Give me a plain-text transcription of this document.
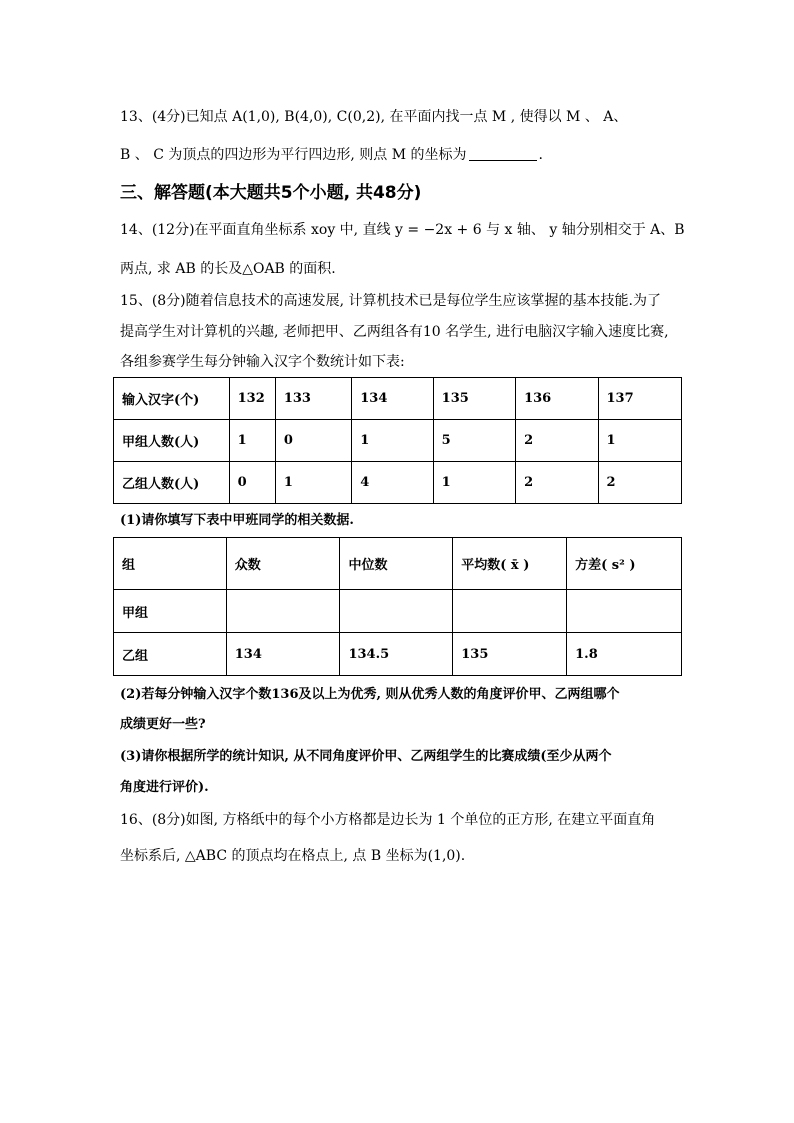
13、(4分)已知点 A(1,0), B(4,0), C(0,2), 在平面内找一点 M , 使得以 M 、 A、
B 、 C 为顶点的四边形为平行四边形, 则点 M 的坐标为	.
三、解答题(本大题共5个小题, 共48分)
14、(12分)在平面直角坐标系 xoy 中, 直线 y = −2x + 6 与 x 轴、 y 轴分别相交于 A、B
两点, 求 AB 的长及△OAB 的面积.
15、(8分)随着信息技术的高速发展, 计算机技术已是每位学生应该掌握的基本技能.为了
提高学生对计算机的兴趣, 老师把甲、乙两组各有10 名学生, 进行电脑汉字输入速度比赛,
各组参赛学生每分钟输入汉字个数统计如下表:
输入汉字(个)	132	133	134	135	136	137
甲组人数(人)	1	0	1	5	2	1
乙组人数(人)	0	1	4	1	2	2
(1)请你填写下表中甲班同学的相关数据.
组	众数	中位数	平均数( x̄ )	方差( s² )
甲组				
乙组	134	134.5	135	1.8
(2)若每分钟输入汉字个数136及以上为优秀, 则从优秀人数的角度评价甲、乙两组哪个
成绩更好一些?
(3)请你根据所学的统计知识, 从不同角度评价甲、乙两组学生的比赛成绩(至少从两个
角度进行评价).
16、(8分)如图, 方格纸中的每个小方格都是边长为 1 个单位的正方形, 在建立平面直角
坐标系后, △ABC 的顶点均在格点上, 点 B 坐标为(1,0).
